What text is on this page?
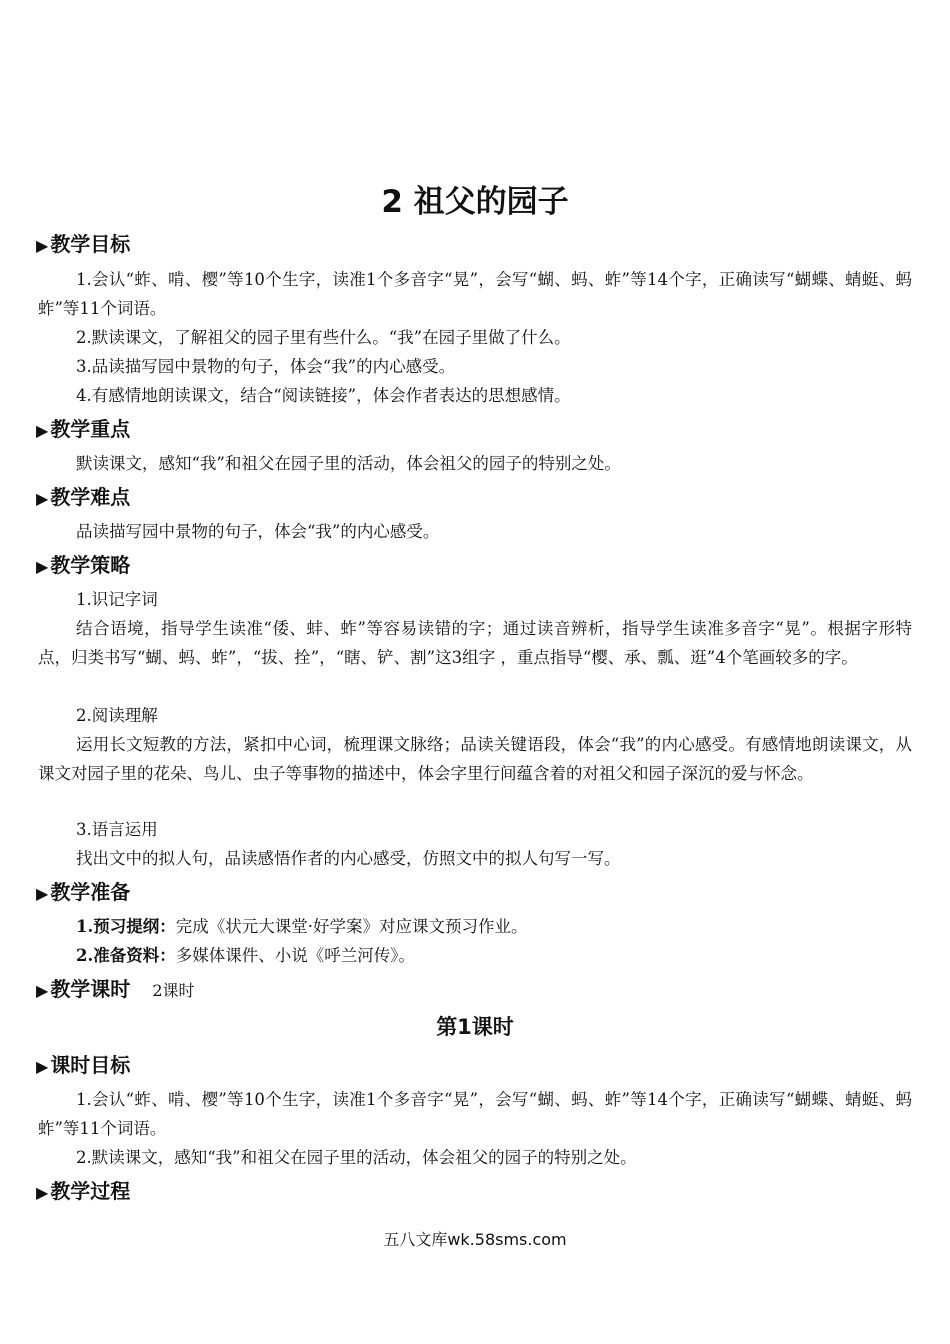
2 祖父的园子
▶ 教学目标

1.会认“蚱、啃、樱”等10个生字，读准1个多音字“晃”，会写“蝴、蚂、蚱”等14个字，正确读写“蝴蝶、蜻蜓、蚂蚱”等11个词语。

2.默读课文，了解祖父的园子里有些什么。“我”在园子里做了什么。

3.品读描写园中景物的句子，体会“我”的内心感受。

4.有感情地朗读课文，结合“阅读链接”，体会作者表达的思想感情。

▶ 教学重点

默读课文，感知“我”和祖父在园子里的活动，体会祖父的园子的特别之处。

▶ 教学难点

品读描写园中景物的句子，体会“我”的内心感受。

▶ 教学策略

1.识记字词

结合语境，指导学生读准“倭、蚌、蚱”等容易读错的字；通过读音辨析，指导学生读准多音字“晃”。根据字形特点，归类书写“蝴、蚂、蚱”，“拔、拴”，“瞎、铲、割”这3组字 ，重点指导“樱、承、瓢、逛”4个笔画较多的字。

2.阅读理解

运用长文短教的方法，紧扣中心词，梳理课文脉络；品读关键语段，体会“我”的内心感受。有感情地朗读课文，从课文对园子里的花朵、鸟儿、虫子等事物的描述中，体会字里行间蕴含着的对祖父和园子深沉的爱与怀念。

3.语言运用

找出文中的拟人句，品读感悟作者的内心感受，仿照文中的拟人句写一写。

▶ 教学准备

1.预习提纲：完成《状元大课堂·好学案》对应课文预习作业。

2.准备资料：多媒体课件、小说《呼兰河传》。

▶ 教学课时 2课时
第1课时
▶ 课时目标

1.会认“蚱、啃、樱”等10个生字，读准1个多音字“晃”，会写“蝴、蚂、蚱”等14个字，正确读写“蝴蝶、蜻蜓、蚂蚱”等11个词语。

2.默读课文，感知“我”和祖父在园子里的活动，体会祖父的园子的特别之处。

▶ 教学过程
五八文库wk.58sms.com
